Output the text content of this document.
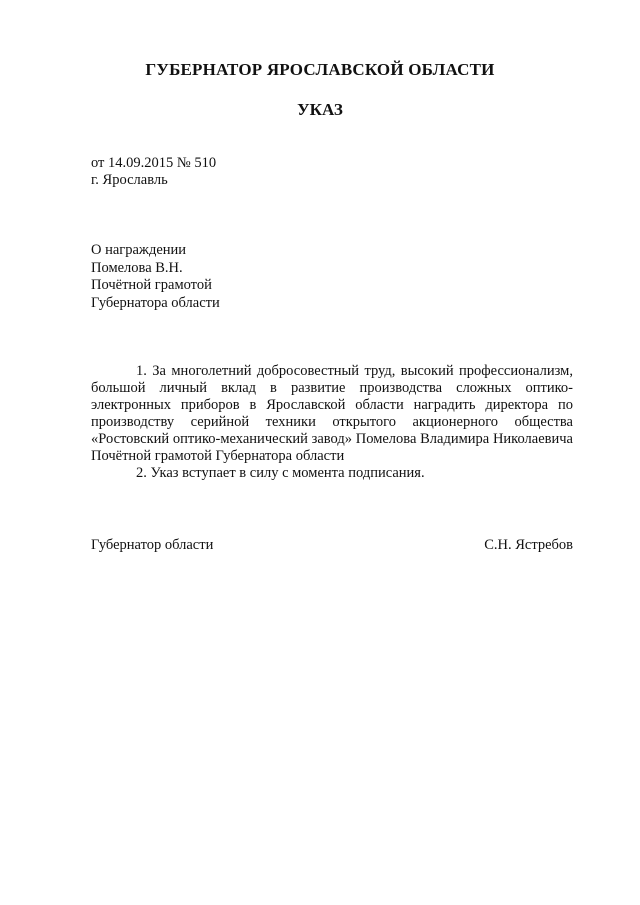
ГУБЕРНАТОР ЯРОСЛАВСКОЙ ОБЛАСТИ
УКАЗ
от 14.09.2015 № 510
г. Ярославль
О награждении
Помелова В.Н.
Почётной грамотой
Губернатора области

1. За многолетний добросовестный труд, высокий профессионализм, большой личный вклад в развитие производства сложных оптико-электронных приборов в Ярославской области наградить директора по производству серийной техники открытого акционерного общества «Ростовский оптико-механический завод» Помелова Владимира Николаевича Почётной грамотой Губернатора области

2. Указ вступает в силу с момента подписания.

Губернатор области	С.Н. Ястребов
